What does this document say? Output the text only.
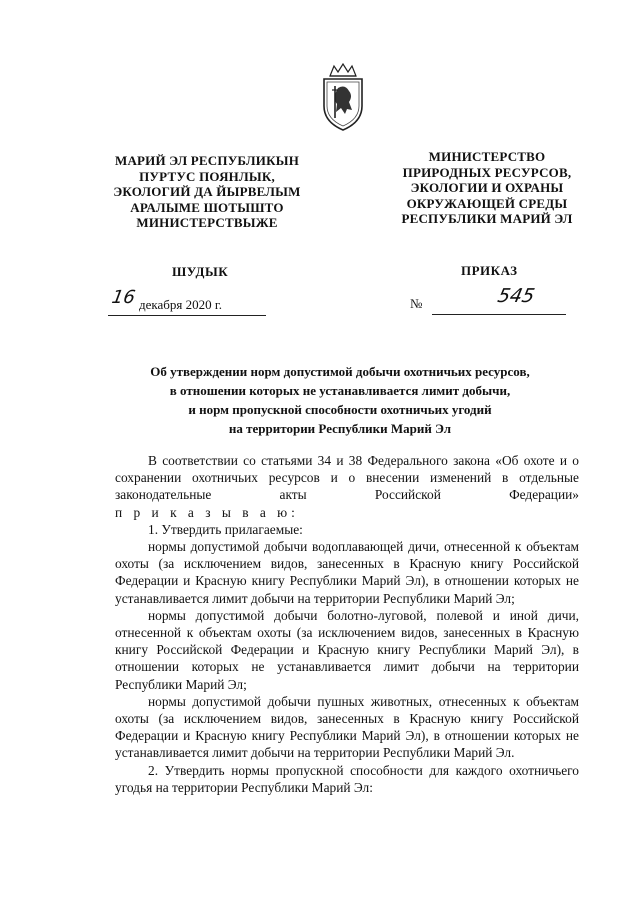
МАРИЙ ЭЛ РЕСПУБЛИКЫН
ПУРТУС ПОЯНЛЫК,
ЭКОЛОГИЙ ДА ЙЫРВЕЛЫМ
АРАЛЫМЕ ШОТЫШТО
МИНИСТЕРСТВЫЖЕ
МИНИСТЕРСТВО
ПРИРОДНЫХ РЕСУРСОВ,
ЭКОЛОГИИ И ОХРАНЫ
ОКРУЖАЮЩЕЙ СРЕДЫ
РЕСПУБЛИКИ МАРИЙ ЭЛ
ШУДЫК	ПРИКАЗ
16 декабря 2020 г.	№	545
Об утверждении норм допустимой добычи охотничьих ресурсов,
в отношении которых не устанавливается лимит добычи,
и норм пропускной способности охотничьих угодий
на территории Республики Марий Эл

В соответствии со статьями 34 и 38 Федерального закона «Об охоте и о сохранении охотничьих ресурсов и о внесении изменений в отдельные законодательные акты Российской Федерации»

п р и к а з ы в а ю:

1. Утвердить прилагаемые:

нормы допустимой добычи водоплавающей дичи, отнесенной к объектам охоты (за исключением видов, занесенных в Красную книгу Российской Федерации и Красную книгу Республики Марий Эл), в отношении которых не устанавливается лимит добычи на территории Республики Марий Эл;

нормы допустимой добычи болотно-луговой, полевой и иной дичи, отнесенной к объектам охоты (за исключением видов, занесенных в Красную книгу Российской Федерации и Красную книгу Республики Марий Эл), в отношении которых не устанавливается лимит добычи на территории Республики Марий Эл;

нормы допустимой добычи пушных животных, отнесенных к объектам охоты (за исключением видов, занесенных в Красную книгу Российской Федерации и Красную книгу Республики Марий Эл), в отношении которых не устанавливается лимит добычи на территории Республики Марий Эл.

2. Утвердить нормы пропускной способности для каждого охотничьего угодья на территории Республики Марий Эл:
